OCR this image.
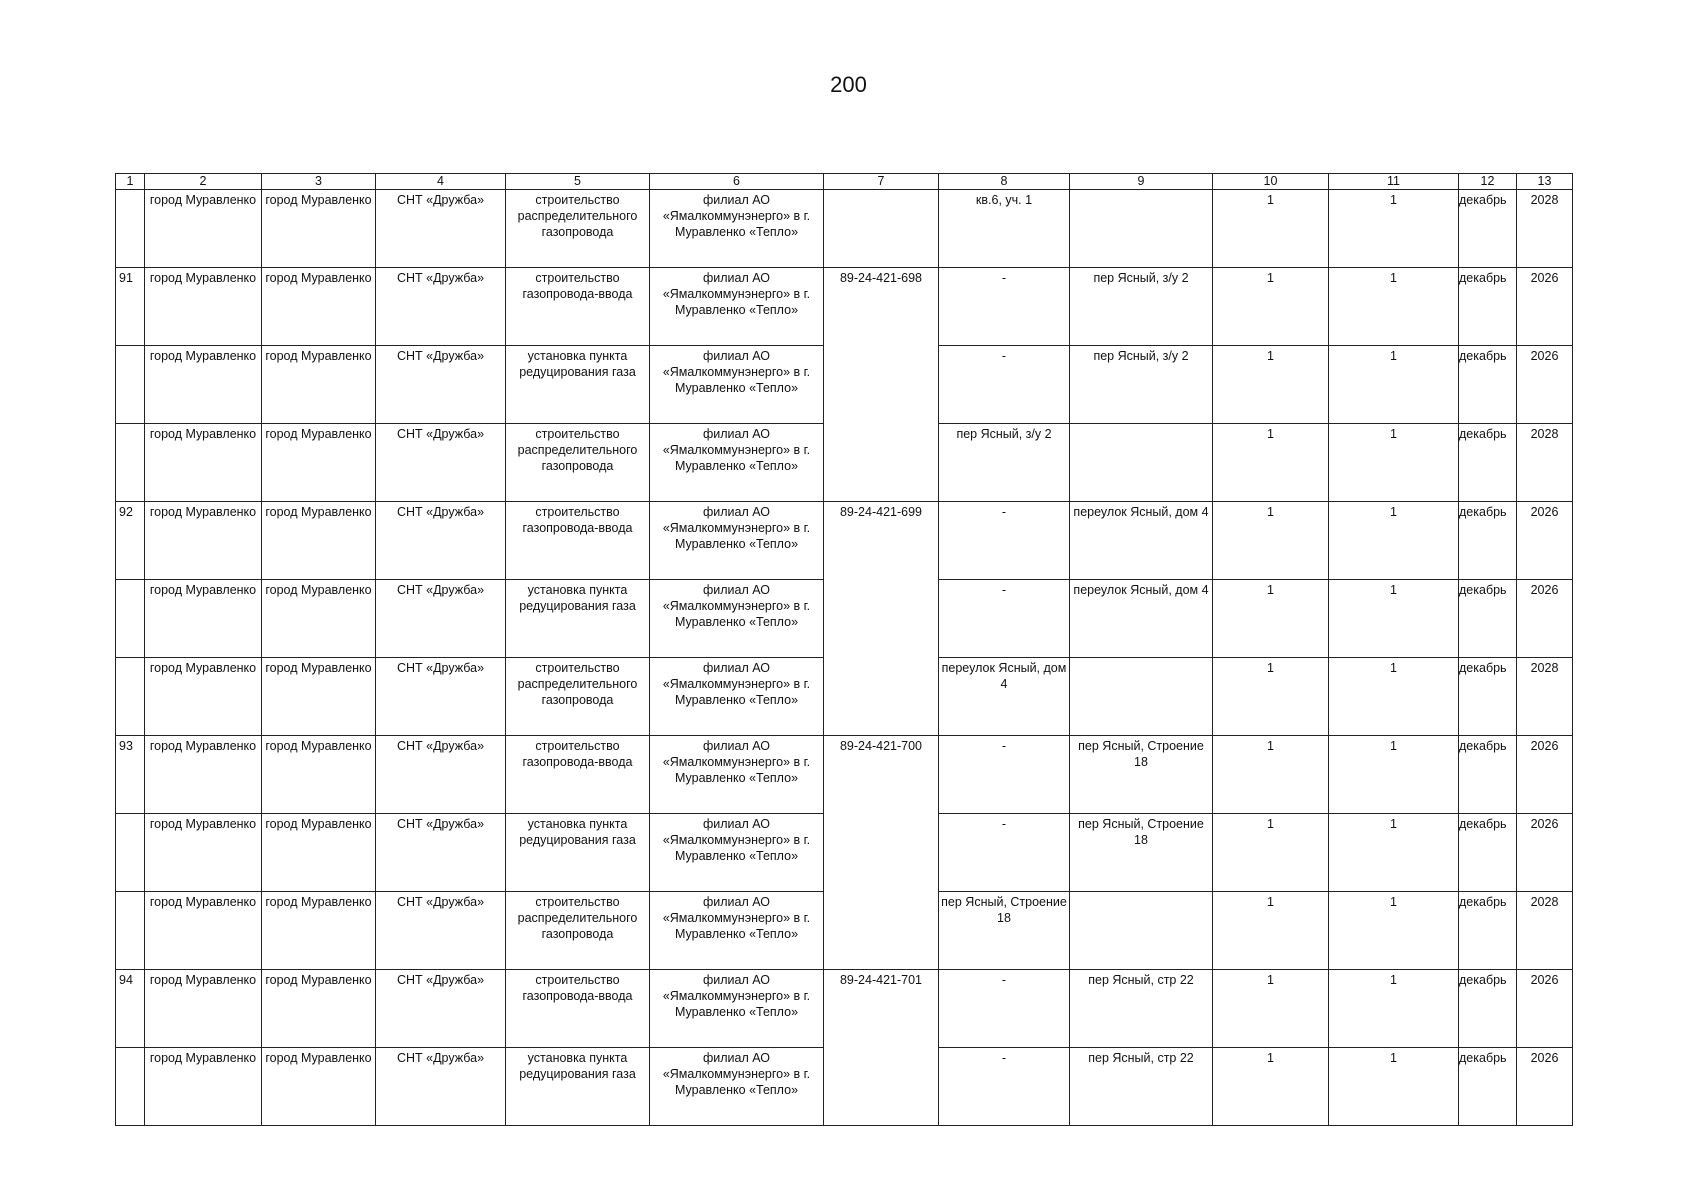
200
1	2	3	4	5	6	7	8	9	10	11	12	13
	город Муравленко	город Муравленко	СНТ «Дружба»	строительство распределительного газопровода	филиал АО «Ямалкоммунэнерго» в г. Муравленко «Тепло»		кв.6, уч. 1		1	1	декабрь	2028
91	город Муравленко	город Муравленко	СНТ «Дружба»	строительство газопровода-ввода	филиал АО «Ямалкоммунэнерго» в г. Муравленко «Тепло»	89-24-421-698	-	пер Ясный, з/у 2	1	1	декабрь	2026
	город Муравленко	город Муравленко	СНТ «Дружба»	установка пункта редуцирования газа	филиал АО «Ямалкоммунэнерго» в г. Муравленко «Тепло»		-	пер Ясный, з/у 2	1	1	декабрь	2026
	город Муравленко	город Муравленко	СНТ «Дружба»	строительство распределительного газопровода	филиал АО «Ямалкоммунэнерго» в г. Муравленко «Тепло»		пер Ясный, з/у 2		1	1	декабрь	2028
92	город Муравленко	город Муравленко	СНТ «Дружба»	строительство газопровода-ввода	филиал АО «Ямалкоммунэнерго» в г. Муравленко «Тепло»	89-24-421-699	-	переулок Ясный, дом 4	1	1	декабрь	2026
	город Муравленко	город Муравленко	СНТ «Дружба»	установка пункта редуцирования газа	филиал АО «Ямалкоммунэнерго» в г. Муравленко «Тепло»		-	переулок Ясный, дом 4	1	1	декабрь	2026
	город Муравленко	город Муравленко	СНТ «Дружба»	строительство распределительного газопровода	филиал АО «Ямалкоммунэнерго» в г. Муравленко «Тепло»		переулок Ясный, дом 4		1	1	декабрь	2028
93	город Муравленко	город Муравленко	СНТ «Дружба»	строительство газопровода-ввода	филиал АО «Ямалкоммунэнерго» в г. Муравленко «Тепло»	89-24-421-700	-	пер Ясный, Строение 18	1	1	декабрь	2026
	город Муравленко	город Муравленко	СНТ «Дружба»	установка пункта редуцирования газа	филиал АО «Ямалкоммунэнерго» в г. Муравленко «Тепло»		-	пер Ясный, Строение 18	1	1	декабрь	2026
	город Муравленко	город Муравленко	СНТ «Дружба»	строительство распределительного газопровода	филиал АО «Ямалкоммунэнерго» в г. Муравленко «Тепло»		пер Ясный, Строение 18		1	1	декабрь	2028
94	город Муравленко	город Муравленко	СНТ «Дружба»	строительство газопровода-ввода	филиал АО «Ямалкоммунэнерго» в г. Муравленко «Тепло»	89-24-421-701	-	пер Ясный, стр 22	1	1	декабрь	2026
	город Муравленко	город Муравленко	СНТ «Дружба»	установка пункта редуцирования газа	филиал АО «Ямалкоммунэнерго» в г. Муравленко «Тепло»		-	пер Ясный, стр 22	1	1	декабрь	2026
